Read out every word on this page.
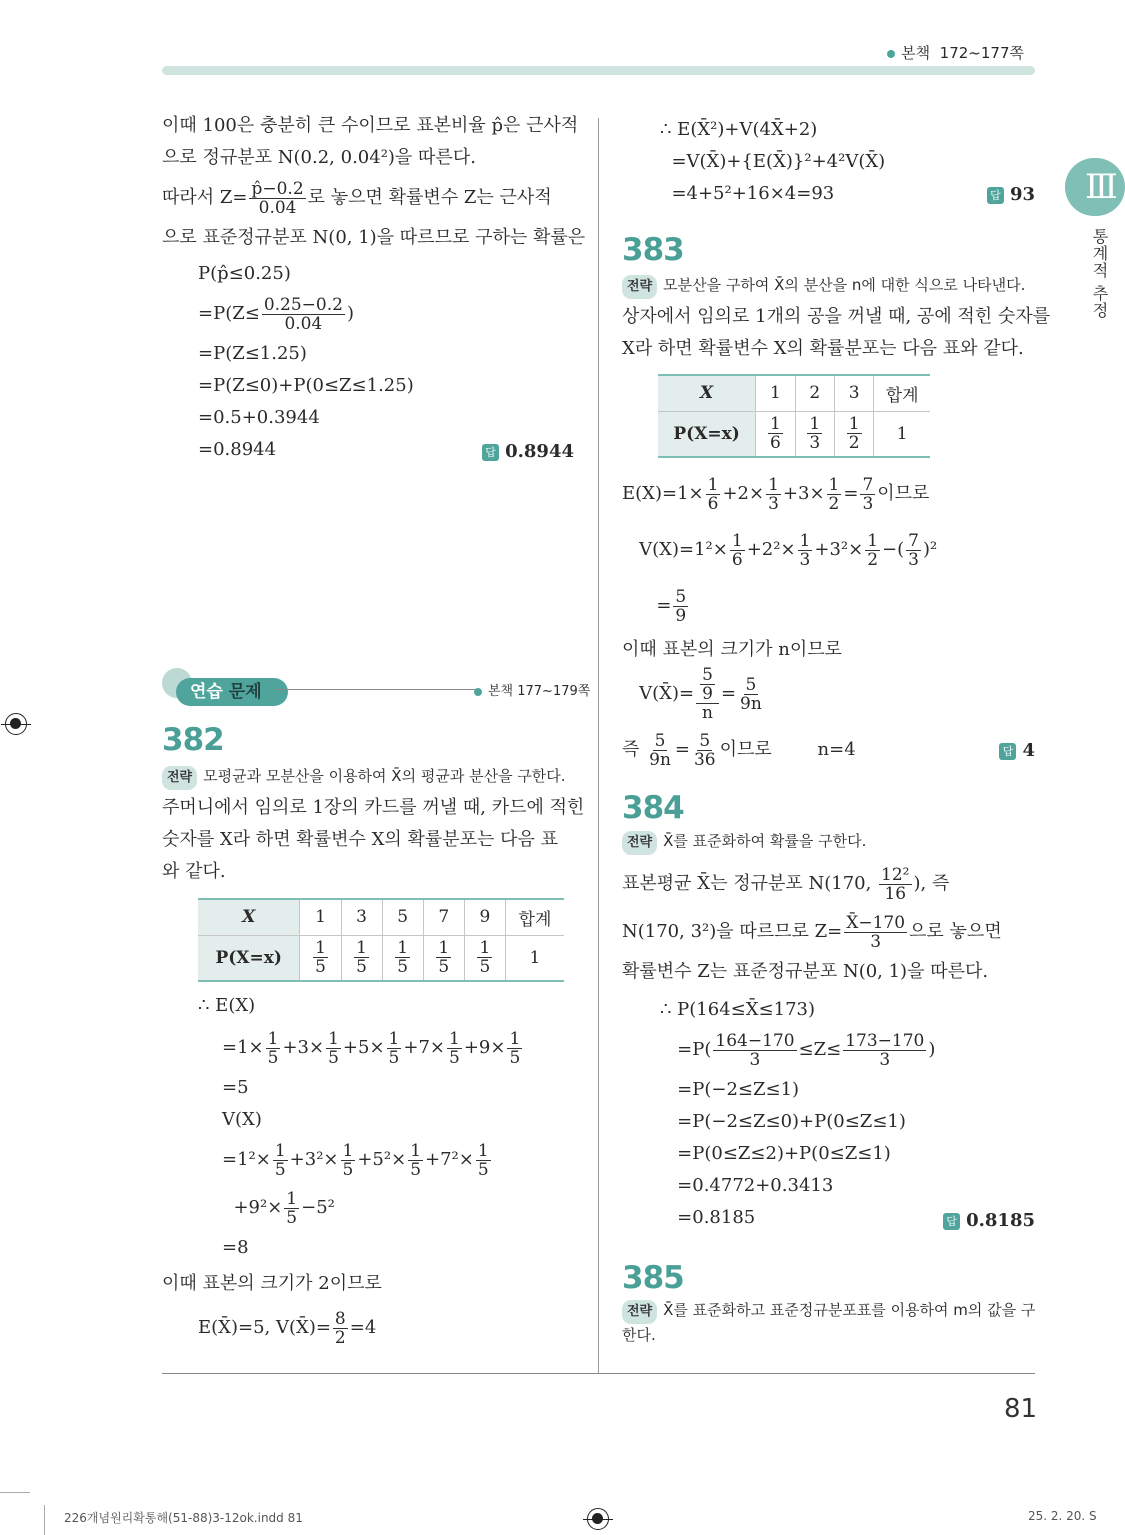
본책 172~177쪽
Ⅲ
통계적 추정
이때 100은 충분히 큰 수이므로 표본비율 p̂은 근사적
으로 정규분포 N(0.2, 0.04²)을 따른다.
따라서 $Z= \frac{p̂-0.2}{0.04}$ 로 놓으면 확률변수 Z는 근사적
으로 표준정규분포 N(0, 1)을 따르므로 구하는 확률은
P(p̂≤0.25)
$=P(Z\le \frac{0.25-0.2}{0.04}$ )
=P(Z≤1.25)
=P(Z≤0)+P(0≤Z≤1.25)
=0.5+0.3944
=0.8944	답 0.8944
연습 문제	본책 177~179쪽
382
전략 모평균과 모분산을 이용하여 X̄의 평균과 분산을 구한다.
주머니에서 임의로 1장의 카드를 꺼낼 때, 카드에 적힌
숫자를 X라 하면 확률변수 X의 확률분포는 다음 표
와 같다.
X	1	3	5	7	9	합계
P(X=x)	$\frac{1}{5}$	$\frac{1}{5}$	$\frac{1}{5}$	$\frac{1}{5}$	$\frac{1}{5}$	1
∴ E(X)
$=1\times \frac{1}{5} +3\times \frac{1}{5} +5\times \frac{1}{5} +7\times \frac{1}{5} +9\times \frac{1}{5}$
=5
V(X)
$=1^2\times \frac{1}{5} +3^2\times \frac{1}{5} +5^2\times \frac{1}{5} +7^2\times \frac{1}{5}$
$+9^2\times \frac{1}{5} -5^2$
=8
이때 표본의 크기가 2이므로
E(X̄)=5, V(X̄)= $\frac{8}{2} =4$
∴ E(X̄²)+V(4X̄+2)
=V(X̄)+{E(X̄)}²+4²V(X̄)
=4+5²+16×4=93	답 93
383
전략 모분산을 구하여 X̄의 분산을 n에 대한 식으로 나타낸다.
상자에서 임의로 1개의 공을 꺼낼 때, 공에 적힌 숫자를
X라 하면 확률변수 X의 확률분포는 다음 표와 같다.
X	1	2	3	합계
P(X=x)	$\frac{1}{6}$	$\frac{1}{3}$	$\frac{1}{2}$	1
$E(X)=1\times \frac{1}{6} +2\times \frac{1}{3} +3\times \frac{1}{2} = \frac{7}{3}$ 이므로
$V(X)=1^2\times \frac{1}{6} +2^2\times \frac{1}{3} +3^2\times \frac{1}{2}$ −( $\frac{7}{3} )^2$
= $\frac{5}{9}$
이때 표본의 크기가 n이므로
V(X̄)= $\frac{\frac{5}{9}}{n} = \frac{5}{9n}$
즉 $\frac{5}{9n} = \frac{5}{36}$ 이므로        n=4	답 4
384
전략 X̄를 표준화하여 확률을 구한다.
표본평균 X̄는 정규분포 N(170, $\frac{\text{12²}}{16}$ ), 즉
N(170, 3²)을 따르므로 $Z= \frac{X̄-170}{3}$ 으로 놓으면
확률변수 Z는 표준정규분포 N(0, 1)을 따른다.
∴ P(164≤X̄≤173)
$=P( \frac{164-170}{3} \le Z\le \frac{173-170}{3}$ )
=P(−2≤Z≤1)
=P(−2≤Z≤0)+P(0≤Z≤1)
=P(0≤Z≤2)+P(0≤Z≤1)
=0.4772+0.3413
=0.8185	답 0.8185
385
전략 X̄를 표준화하고 표준정규분포표를 이용하여 m의 값을 구
한다.
81
226개념원리확통해(51-88)3-12ok.indd 81	25. 2. 20. S
